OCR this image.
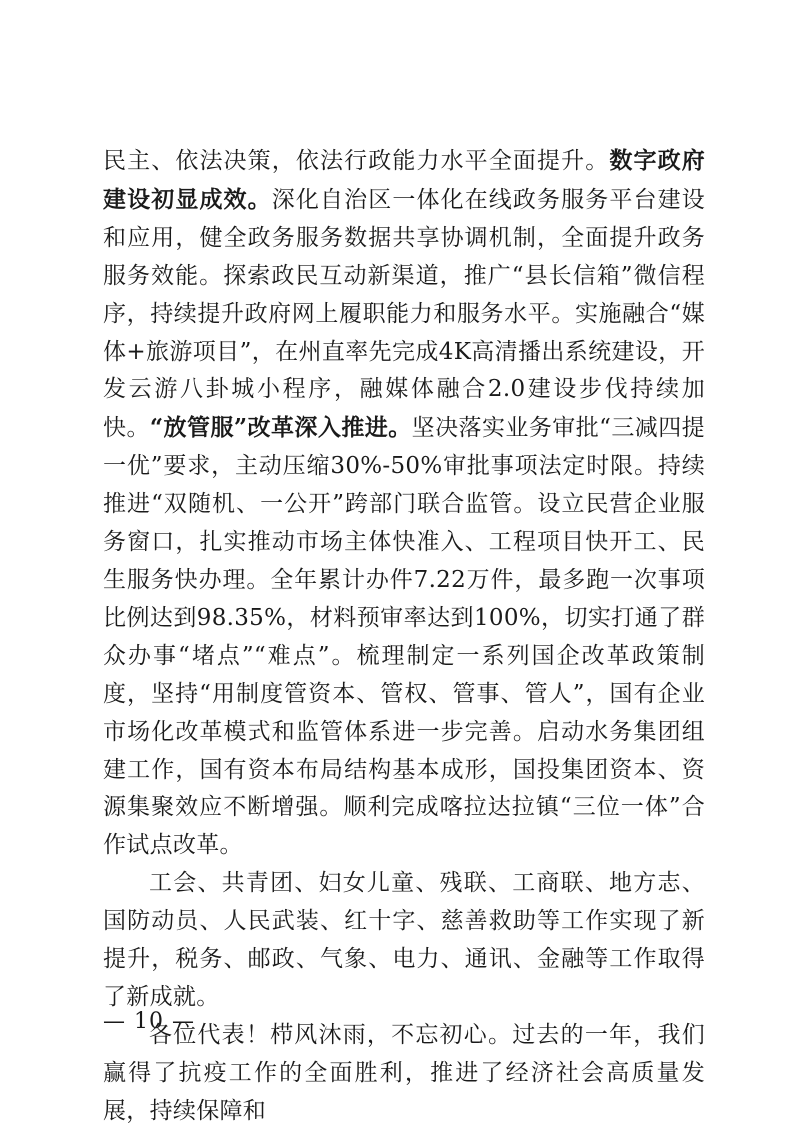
民主、依法决策，依法行政能力水平全面提升。数字政府建设初显成效。深化自治区一体化在线政务服务平台建设和应用，健全政务服务数据共享协调机制，全面提升政务服务效能。探索政民互动新渠道，推广“县长信箱”微信程序，持续提升政府网上履职能力和服务水平。实施融合“媒体+旅游项目”，在州直率先完成4K高清播出系统建设，开发云游八卦城小程序，融媒体融合2.0建设步伐持续加快。“放管服”改革深入推进。坚决落实业务审批“三减四提一优”要求，主动压缩30%-50%审批事项法定时限。持续推进“双随机、一公开”跨部门联合监管。设立民营企业服务窗口，扎实推动市场主体快准入、工程项目快开工、民生服务快办理。全年累计办件7.22万件，最多跑一次事项比例达到98.35%，材料预审率达到100%，切实打通了群众办事“堵点”“难点”。梳理制定一系列国企改革政策制度，坚持“用制度管资本、管权、管事、管人”，国有企业市场化改革模式和监管体系进一步完善。启动水务集团组建工作，国有资本布局结构基本成形，国投集团资本、资源集聚效应不断增强。顺利完成喀拉达拉镇“三位一体”合作试点改革。

工会、共青团、妇女儿童、残联、工商联、地方志、国防动员、人民武装、红十字、慈善救助等工作实现了新提升，税务、邮政、气象、电力、通讯、金融等工作取得了新成就。

各位代表！栉风沐雨，不忘初心。过去的一年，我们赢得了抗疫工作的全面胜利，推进了经济社会高质量发展，持续保障和

— 10 —
